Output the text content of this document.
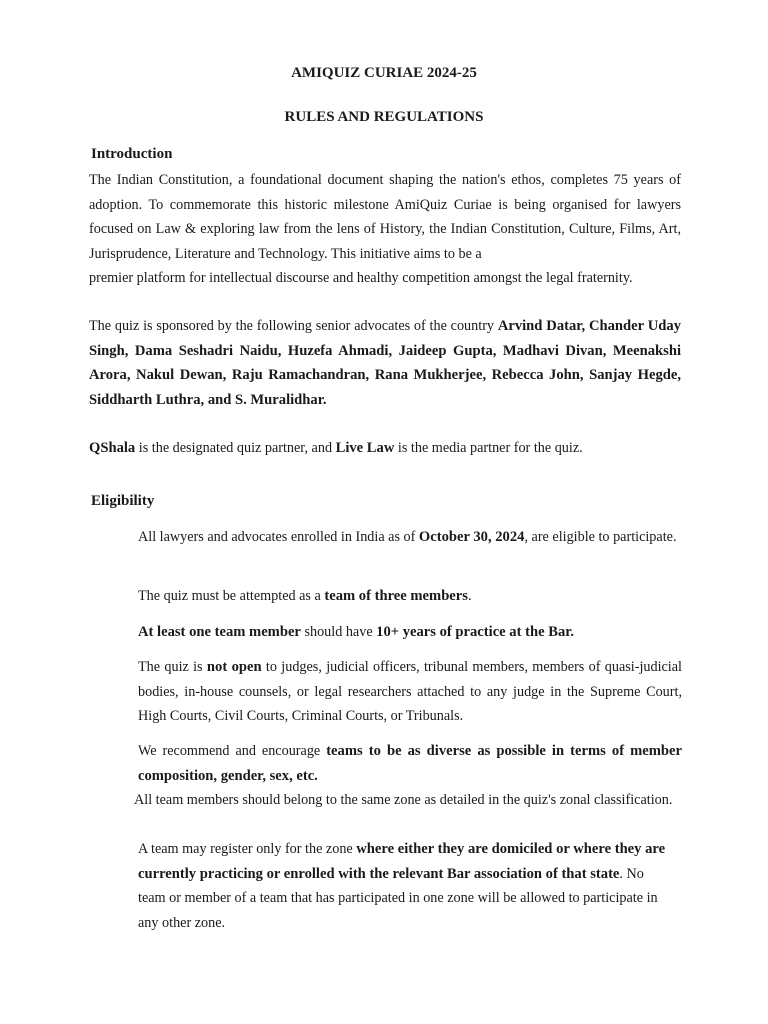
AMIQUIZ CURIAE 2024-25
RULES AND REGULATIONS
Introduction
The Indian Constitution, a foundational document shaping the nation's ethos, completes 75 years of adoption. To commemorate this historic milestone AmiQuiz Curiae is being organised for lawyers focused on Law & exploring law from the lens of History, the Indian Constitution, Culture, Films, Art, Jurisprudence, Literature and Technology. This initiative aims to be a
premier platform for intellectual discourse and healthy competition amongst the legal fraternity.
The quiz is sponsored by the following senior advocates of the country Arvind Datar, Chander Uday Singh, Dama Seshadri Naidu, Huzefa Ahmadi, Jaideep Gupta, Madhavi Divan, Meenakshi Arora, Nakul Dewan, Raju Ramachandran, Rana Mukherjee, Rebecca John, Sanjay Hegde, Siddharth Luthra, and S. Muralidhar.
QShala is the designated quiz partner, and Live Law is the media partner for the quiz.
Eligibility
All lawyers and advocates enrolled in India as of October 30, 2024, are eligible to participate.
The quiz must be attempted as a team of three members.
At least one team member should have 10+ years of practice at the Bar.
The quiz is not open to judges, judicial officers, tribunal members, members of quasi-judicial bodies, in-house counsels, or legal researchers attached to any judge in the Supreme Court, High Courts, Civil Courts, Criminal Courts, or Tribunals.
We recommend and encourage teams to be as diverse as possible in terms of member composition, gender, sex, etc.
All team members should belong to the same zone as detailed in the quiz's zonal classification.
A team may register only for the zone where either they are domiciled or where they are currently practicing or enrolled with the relevant Bar association of that state. No team or member of a team that has participated in one zone will be allowed to participate in any other zone.
